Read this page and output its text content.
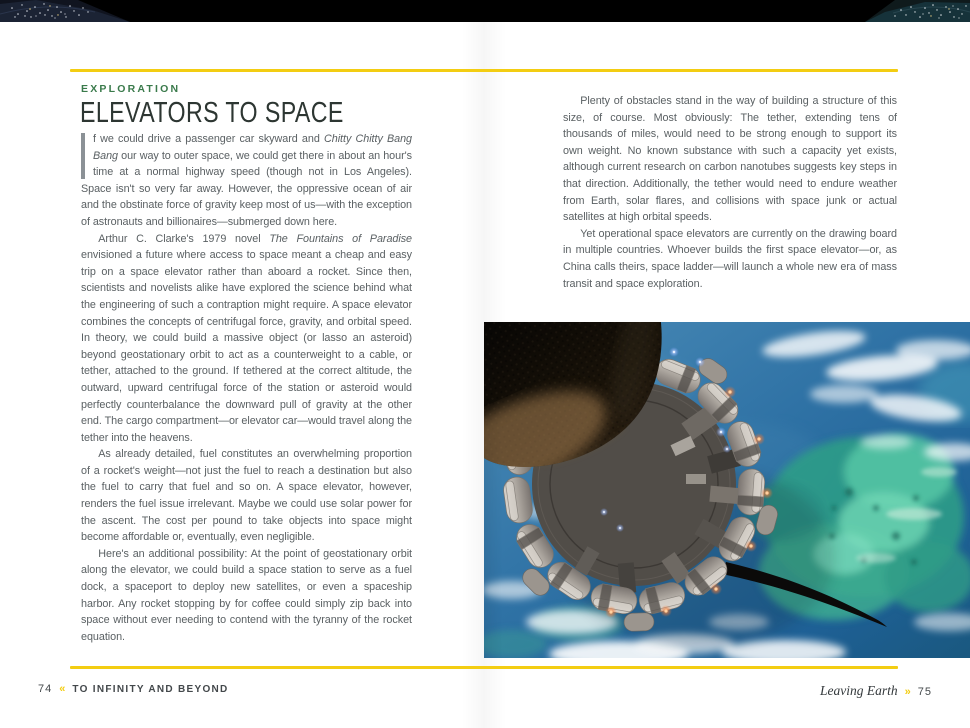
EXPLORATION
ELEVATORS TO SPACE

f we could drive a passenger car skyward and Chitty Chitty Bang Bang our way to outer space, we could get there in about an hour's time at a normal highway speed (though not in Los Angeles). Space isn't so very far away. However, the oppressive ocean of air and the obstinate force of gravity keep most of us—with the exception of astronauts and billionaires—submerged down here.

Arthur C. Clarke's 1979 novel The Fountains of Paradise envisioned a future where access to space meant a cheap and easy trip on a space elevator rather than aboard a rocket. Since then, scientists and novelists alike have explored the science behind what the engineering of such a contraption might require. A space elevator combines the concepts of centrifugal force, gravity, and orbital speed. In theory, we could build a massive object (or lasso an asteroid) beyond geostationary orbit to act as a counterweight to a cable, or tether, attached to the ground. If tethered at the correct altitude, the outward, upward centrifugal force of the station or asteroid would perfectly counterbalance the downward pull of gravity at the other end. The cargo compartment—or elevator car—would travel along the tether into the heavens.

As already detailed, fuel constitutes an overwhelming proportion of a rocket's weight—not just the fuel to reach a destination but also the fuel to carry that fuel and so on. A space elevator, however, renders the fuel issue irrelevant. Maybe we could use solar power for the ascent. The cost per pound to take objects into space might become affordable or, eventually, even negligible.

Here's an additional possibility: At the point of geostationary orbit along the elevator, we could build a space station to serve as a fuel dock, a spaceport to deploy new satellites, or even a spaceship harbor. Any rocket stopping by for coffee could simply zip back into space without ever needing to contend with the tyranny of the rocket equation.

Plenty of obstacles stand in the way of building a structure of this size, of course. Most obviously: The tether, extending tens of thousands of miles, would need to be strong enough to support its own weight. No known substance with such a capacity yet exists, although current research on carbon nanotubes suggests key steps in that direction. Additionally, the tether would need to endure weather from Earth, solar flares, and collisions with space junk or actual satellites at high orbital speeds.

Yet operational space elevators are currently on the drawing board in multiple countries. Whoever builds the first space elevator—or, as China calls theirs, space ladder—will launch a whole new era of mass transit and space exploration.

74 « TO INFINITY AND BEYOND	Leaving Earth » 75
